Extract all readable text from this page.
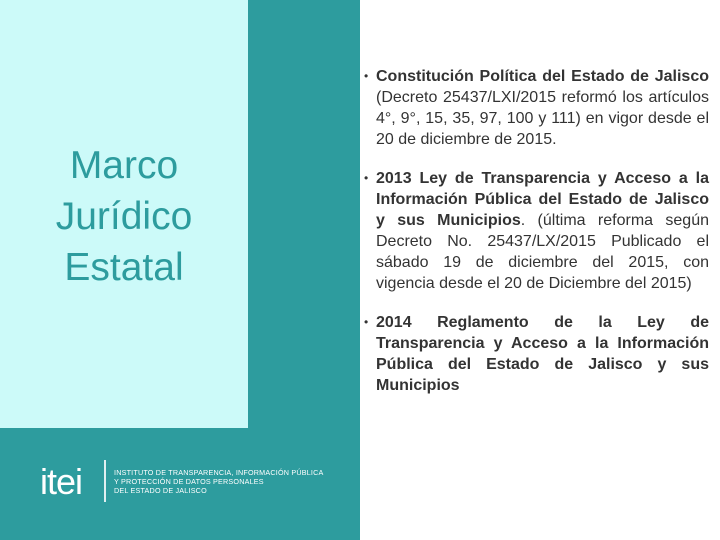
Marco
Jurídico
Estatal
itei	INSTITUTO DE TRANSPARENCIA, INFORMACIÓN PÚBLICA
Y PROTECCIÓN DE DATOS PERSONALES
DEL ESTADO DE JALISCO
• Constitución Política del Estado de Jalisco (Decreto 25437/LXI/2015 reformó los artículos 4°, 9°, 15, 35, 97, 100 y 111) en vigor desde el 20 de diciembre de 2015.
• 2013 Ley de Transparencia y Acceso a la Información Pública del Estado de Jalisco y sus Municipios. (última reforma según Decreto No. 25437/LX/2015 Publicado el sábado 19 de diciembre del 2015, con vigencia desde el 20 de Diciembre del 2015)
• 2014 Reglamento de la Ley de Transparencia y Acceso a la Información Pública del Estado de Jalisco y sus Municipios
